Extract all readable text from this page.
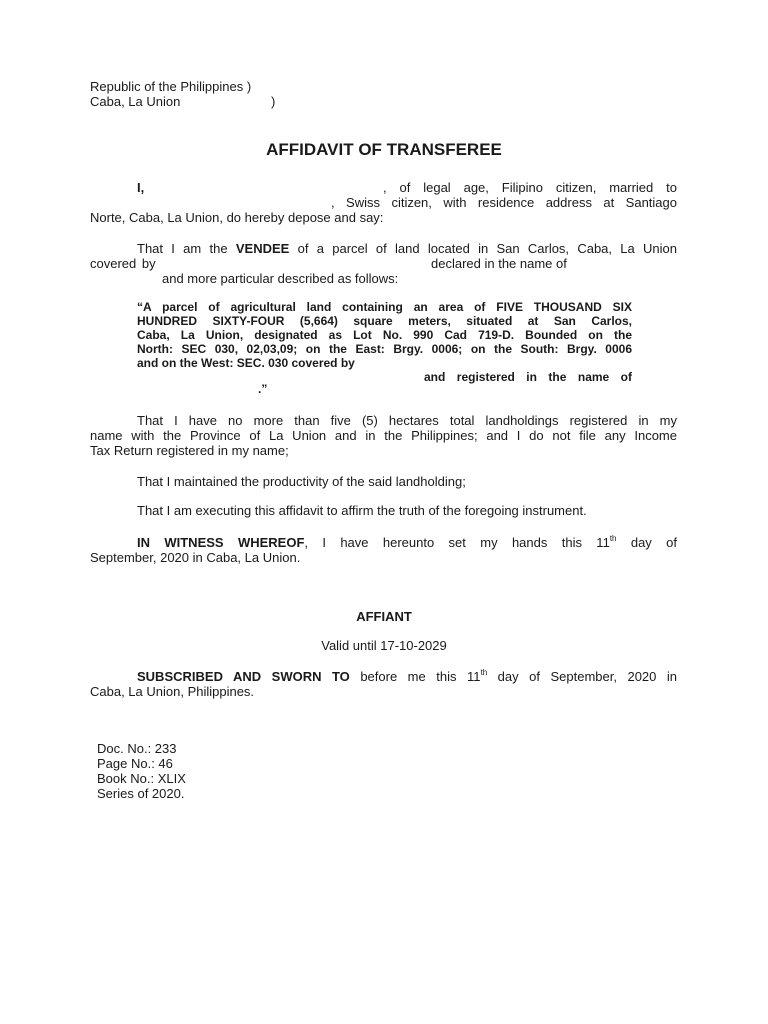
Republic of the Philippines )
Caba, La Union	)
AFFIDAVIT OF TRANSFEREE
I,	, of legal age, Filipino citizen, married to
, Swiss citizen, with residence address at Santiago
Norte, Caba, La Union, do hereby depose and say:
That I am the VENDEE of a parcel of land located in San Carlos, Caba, La Union
covered by	declared in the name of
and more particular described as follows:
“A parcel of agricultural land containing an area of FIVE THOUSAND SIX
HUNDRED SIXTY-FOUR (5,664) square meters, situated at San Carlos,
Caba, La Union, designated as Lot No. 990 Cad 719-D. Bounded on the
North: SEC 030, 02,03,09; on the East: Brgy. 0006; on the South: Brgy. 0006
and on the West: SEC. 030 covered by
and registered in the name of
.”
That I have no more than five (5) hectares total landholdings registered in my
name with the Province of La Union and in the Philippines; and I do not file any Income
Tax Return registered in my name;
That I maintained the productivity of the said landholding;
That I am executing this affidavit to affirm the truth of the foregoing instrument.
IN WITNESS WHEREOF, I have hereunto set my hands this 11th day of
September, 2020 in Caba, La Union.
AFFIANT
Valid until 17-10-2029
SUBSCRIBED AND SWORN TO before me this 11th day of September, 2020 in
Caba, La Union, Philippines.
Doc. No.: 233
Page No.: 46
Book No.: XLIX
Series of 2020.
